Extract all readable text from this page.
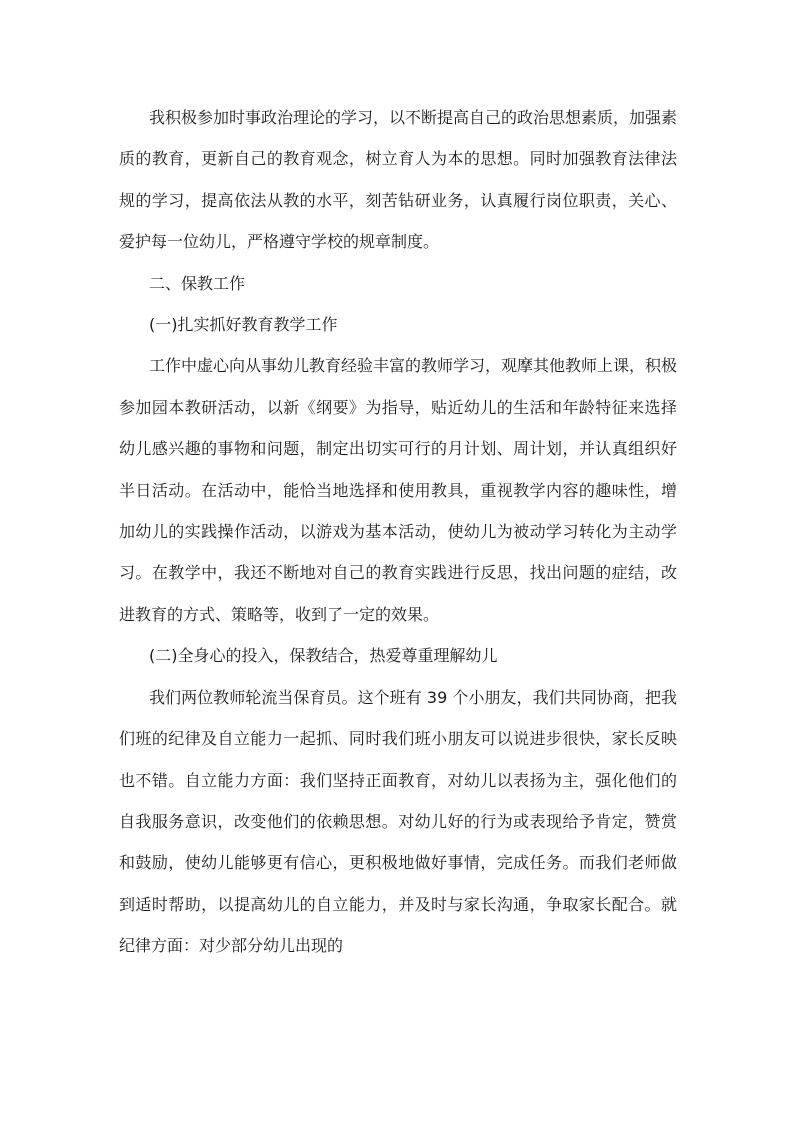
我积极参加时事政治理论的学习，以不断提高自己的政治思想素质，加强素质的教育，更新自己的教育观念，树立育人为本的思想。同时加强教育法律法规的学习，提高依法从教的水平，刻苦钻研业务，认真履行岗位职责，关心、爱护每一位幼儿，严格遵守学校的规章制度。

二、保教工作

(一)扎实抓好教育教学工作

工作中虚心向从事幼儿教育经验丰富的教师学习，观摩其他教师上课，积极参加园本教研活动，以新《纲要》为指导，贴近幼儿的生活和年龄特征来选择幼儿感兴趣的事物和问题，制定出切实可行的月计划、周计划，并认真组织好半日活动。在活动中，能恰当地选择和使用教具，重视教学内容的趣味性，增加幼儿的实践操作活动，以游戏为基本活动，使幼儿为被动学习转化为主动学习。在教学中，我还不断地对自己的教育实践进行反思，找出问题的症结，改进教育的方式、策略等，收到了一定的效果。

(二)全身心的投入，保教结合，热爱尊重理解幼儿

我们两位教师轮流当保育员。这个班有 39 个小朋友，我们共同协商，把我们班的纪律及自立能力一起抓、同时我们班小朋友可以说进步很快，家长反映也不错。自立能力方面：我们坚持正面教育，对幼儿以表扬为主，强化他们的自我服务意识，改变他们的依赖思想。对幼儿好的行为或表现给予肯定，赞赏和鼓励，使幼儿能够更有信心，更积极地做好事情，完成任务。而我们老师做到适时帮助，以提高幼儿的自立能力，并及时与家长沟通，争取家长配合。就纪律方面：对少部分幼儿出现的
